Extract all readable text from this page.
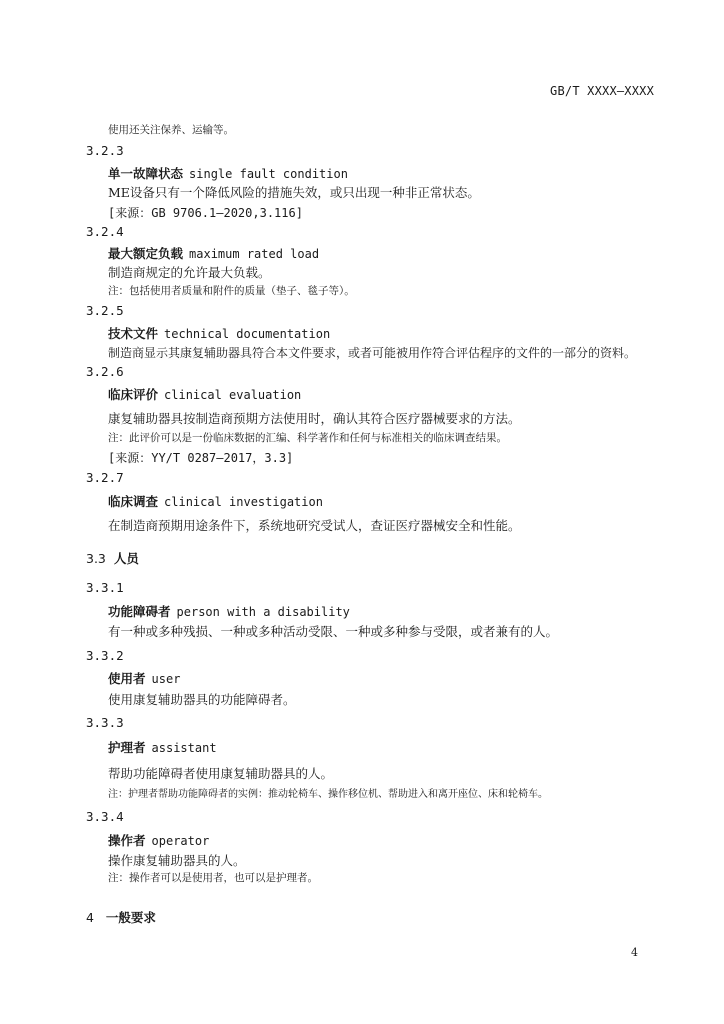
GB/T XXXX—XXXX
使用还关注保养、运输等。
3.2.3
单一故障状态 single fault condition
ME设备只有一个降低风险的措施失效，或只出现一种非正常状态。
[来源：GB 9706.1—2020,3.116]
3.2.4
最大额定负载 maximum rated load
制造商规定的允许最大负载。
注：包括使用者质量和附件的质量（垫子、毯子等）。
3.2.5
技术文件 technical documentation
制造商显示其康复辅助器具符合本文件要求，或者可能被用作符合评估程序的文件的一部分的资料。
3.2.6
临床评价 clinical evaluation
康复辅助器具按制造商预期方法使用时，确认其符合医疗器械要求的方法。
注：此评价可以是一份临床数据的汇编、科学著作和任何与标准相关的临床调查结果。
[来源：YY/T 0287—2017，3.3]
3.2.7
临床调查 clinical investigation
在制造商预期用途条件下，系统地研究受试人，查证医疗器械安全和性能。
3.3 人员
3.3.1
功能障碍者 person with a disability
有一种或多种残损、一种或多种活动受限、一种或多种参与受限，或者兼有的人。
3.3.2
使用者 user
使用康复辅助器具的功能障碍者。
3.3.3
护理者 assistant
帮助功能障碍者使用康复辅助器具的人。
注：护理者帮助功能障碍者的实例：推动轮椅车、操作移位机、帮助进入和离开座位、床和轮椅车。
3.3.4
操作者 operator
操作康复辅助器具的人。
注：操作者可以是使用者，也可以是护理者。
4 一般要求
4
